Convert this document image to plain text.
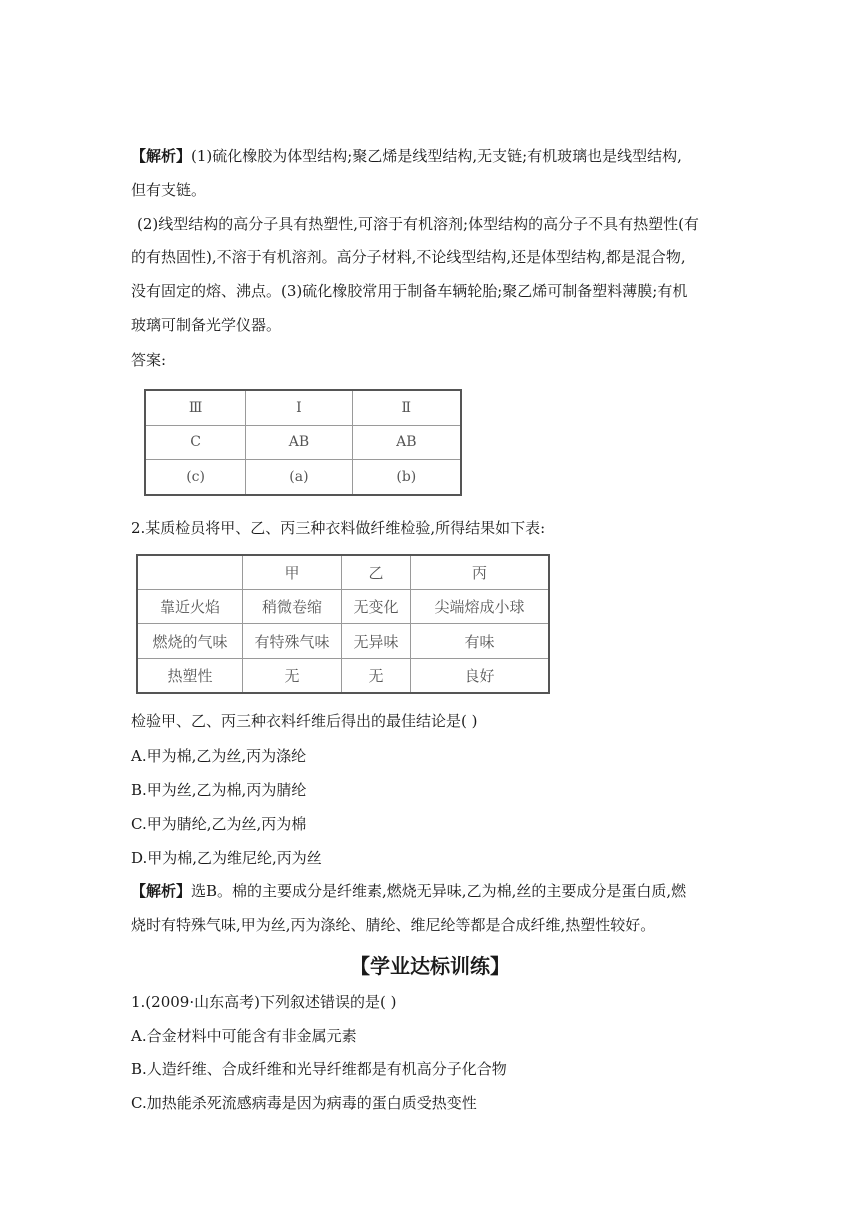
【解析】(1)硫化橡胶为体型结构;聚乙烯是线型结构,无支链;有机玻璃也是线型结构,
但有支链。
(2)线型结构的高分子具有热塑性,可溶于有机溶剂;体型结构的高分子不具有热塑性(有
的有热固性),不溶于有机溶剂。高分子材料,不论线型结构,还是体型结构,都是混合物,
没有固定的熔、沸点。(3)硫化橡胶常用于制备车辆轮胎;聚乙烯可制备塑料薄膜;有机
玻璃可制备光学仪器。
答案:
Ⅲ	Ⅰ	Ⅱ
C	AB	AB
(c)	(a)	(b)
2.某质检员将甲、乙、丙三种衣料做纤维检验,所得结果如下表:
	甲	乙	丙
靠近火焰	稍微卷缩	无变化	尖端熔成小球
燃烧的气味	有特殊气味	无异味	有味
热塑性	无	无	良好
检验甲、乙、丙三种衣料纤维后得出的最佳结论是( )
A.甲为棉,乙为丝,丙为涤纶
B.甲为丝,乙为棉,丙为腈纶
C.甲为腈纶,乙为丝,丙为棉
D.甲为棉,乙为维尼纶,丙为丝
【解析】选B。棉的主要成分是纤维素,燃烧无异味,乙为棉,丝的主要成分是蛋白质,燃
烧时有特殊气味,甲为丝,丙为涤纶、腈纶、维尼纶等都是合成纤维,热塑性较好。
【学业达标训练】
1.(2009·山东高考)下列叙述错误的是( )
A.合金材料中可能含有非金属元素
B.人造纤维、合成纤维和光导纤维都是有机高分子化合物
C.加热能杀死流感病毒是因为病毒的蛋白质受热变性
